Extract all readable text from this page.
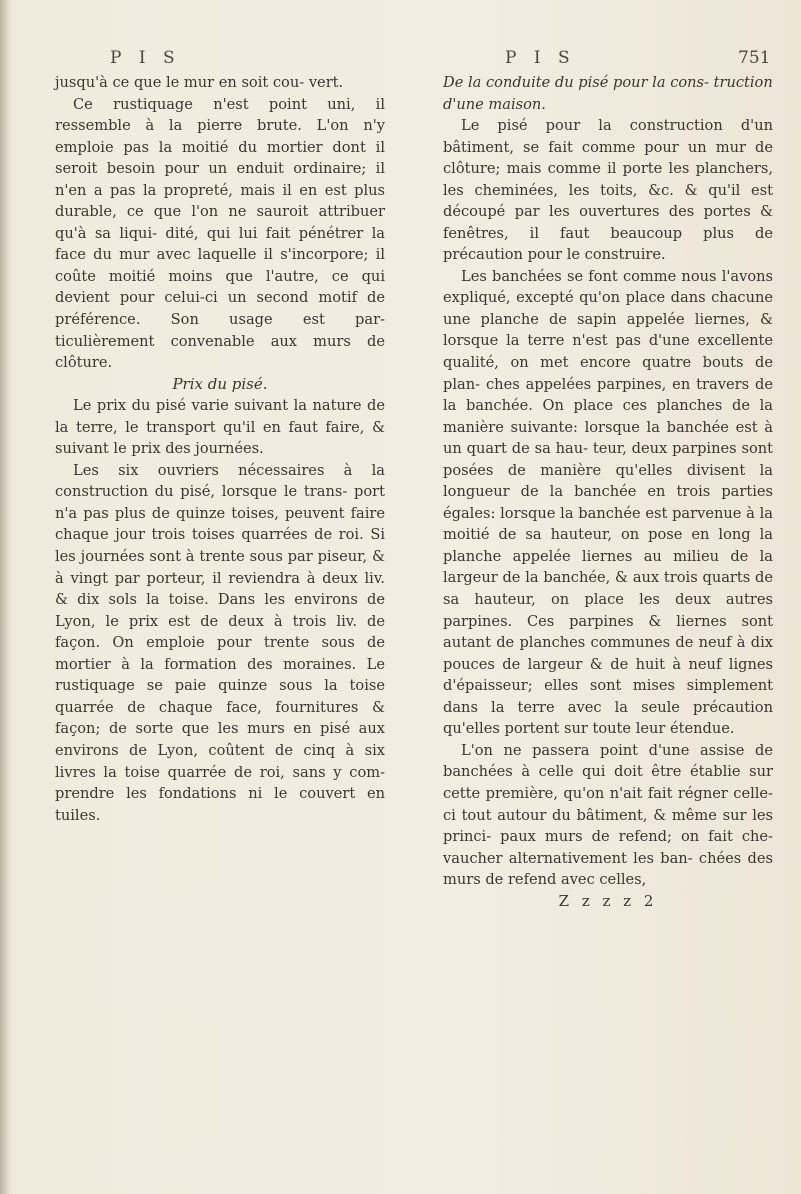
P I S	P I S	751

jusqu'à ce que le mur en soit cou- vert.

Ce rustiquage n'est point uni, il ressemble à la pierre brute. L'on n'y emploie pas la moitié du mortier dont il seroit besoin pour un enduit ordinaire; il n'en a pas la propreté, mais il en est plus durable, ce que l'on ne sauroit attribuer qu'à sa liqui- dité, qui lui fait pénétrer la face du mur avec laquelle il s'incorpore; il coûte moitié moins que l'autre, ce qui devient pour celui-ci un second motif de préférence. Son usage est par- ticulièrement convenable aux murs de clôture.

Prix du pisé.

Le prix du pisé varie suivant la nature de la terre, le transport qu'il en faut faire, & suivant le prix des journées.

Les six ouvriers nécessaires à la construction du pisé, lorsque le trans- port n'a pas plus de quinze toises, peuvent faire chaque jour trois toises quarrées de roi. Si les journées sont à trente sous par piseur, & à vingt par porteur, il reviendra à deux liv. & dix sols la toise. Dans les environs de Lyon, le prix est de deux à trois liv. de façon. On emploie pour trente sous de mortier à la formation des moraines. Le rustiquage se paie quinze sous la toise quarrée de chaque face, fournitures & façon; de sorte que les murs en pisé aux environs de Lyon, coûtent de cinq à six livres la toise quarrée de roi, sans y com- prendre les fondations ni le couvert en tuiles.

De la conduite du pisé pour la cons- truction d'une maison.

Le pisé pour la construction d'un bâtiment, se fait comme pour un mur de clôture; mais comme il porte les planchers, les cheminées, les toits, &c. & qu'il est découpé par les ouvertures des portes & fenêtres, il faut beaucoup plus de précaution pour le construire.

Les banchées se font comme nous l'avons expliqué, excepté qu'on place dans chacune une planche de sapin appelée liernes, & lorsque la terre n'est pas d'une excellente qualité, on met encore quatre bouts de plan- ches appelées parpines, en travers de la banchée. On place ces planches de la manière suivante: lorsque la banchée est à un quart de sa hau- teur, deux parpines sont posées de manière qu'elles divisent la longueur de la banchée en trois parties égales: lorsque la banchée est parvenue à la moitié de sa hauteur, on pose en long la planche appelée liernes au milieu de la largeur de la banchée, & aux trois quarts de sa hauteur, on place les deux autres parpines. Ces parpines & liernes sont autant de planches communes de neuf à dix pouces de largeur & de huit à neuf lignes d'épaisseur; elles sont mises simplement dans la terre avec la seule précaution qu'elles portent sur toute leur étendue.

L'on ne passera point d'une assise de banchées à celle qui doit être établie sur cette première, qu'on n'ait fait régner celle-ci tout autour du bâtiment, & même sur les princi- paux murs de refend; on fait che- vaucher alternativement les ban- chées des murs de refend avec celles,

Z z z z 2
